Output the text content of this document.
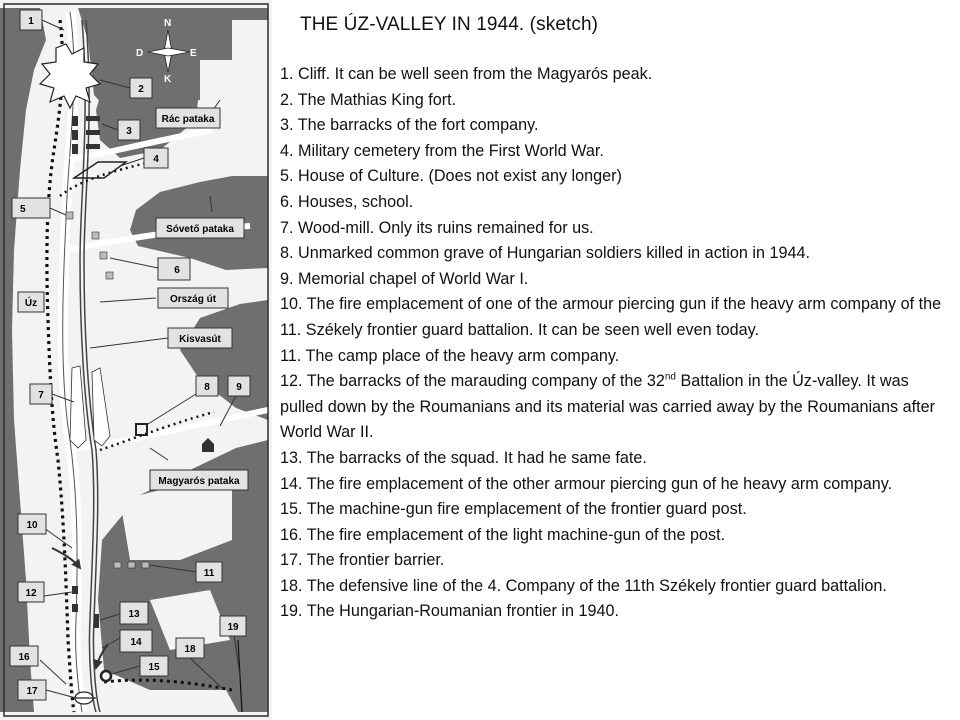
N
E
K
D
1
2
3
4
5
6
7
8	9
10
11
12
13
14
15
16
17
18
19
Rác pataka
Sóvető pataka
Ország út
Kisvasút
Magyarós pataka
Úz
THE ÚZ-VALLEY IN 1944. (sketch)
1. Cliff. It can be well seen from the Magyarós peak.
2. The Mathias King fort.
3. The barracks of the fort company.
4. Military cemetery from the First World War.
5. House of Culture. (Does not exist any longer)
6. Houses, school.
7. Wood-mill. Only its ruins remained for us.
8. Unmarked common grave of Hungarian soldiers killed in action in 1944.
9. Memorial chapel of World War I.
10. The fire emplacement of one of the armour piercing gun if the heavy arm company of the 11. Székely frontier guard battalion. It can be seen well even today.
11. The camp place of the heavy arm company.
12. The barracks of the marauding company of the 32nd Battalion in the Úz-valley. It was pulled down by the Roumanians and its material was carried away by the Roumanians after World War II.
13. The barracks of the squad. It had he same fate.
14. The fire emplacement of the other armour piercing gun of he heavy arm company.
15. The machine-gun fire emplacement of the frontier guard post.
16. The fire emplacement of the light machine-gun of the post.
17. The frontier barrier.
18. The defensive line of the 4. Company of the 11th Székely frontier guard battalion.
19. The Hungarian-Roumanian frontier in 1940.
